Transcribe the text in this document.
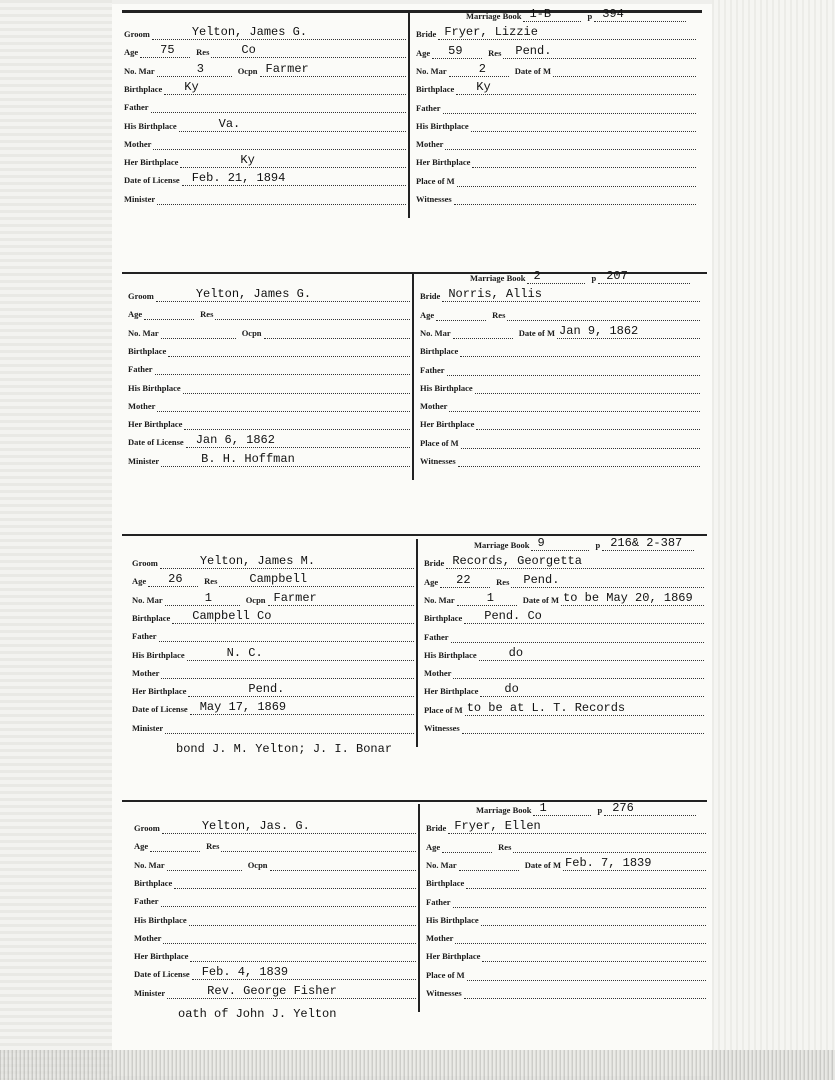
Groom	Yelton, James G.
Age 75	Res	Co
No. Mar	3	Ocpn Farmer
Birthplace Ky
Father
His Birthplace	Va.
Mother
Her Birthplace	Ky
Date of License Feb. 21, 1894
Minister
Marriage Book 1-B	p 394
Bride Fryer, Lizzie
Age 59	Res Pend.
No. Mar	2	Date of M
Birthplace Ky
Father
His Birthplace
Mother
Her Birthplace
Place of M
Witnesses
Groom	Yelton, James G.
Age	Res
No. Mar	Ocpn
Birthplace
Father
His Birthplace
Mother
Her Birthplace
Date of License Jan 6, 1862
Minister	B. H. Hoffman
Marriage Book 2	p 207
Bride Norris, Allis
Age	Res
No. Mar	Date of M Jan 9, 1862
Birthplace
Father
His Birthplace
Mother
Her Birthplace
Place of M
Witnesses
Groom	Yelton, James M.
Age 26	Res	Campbell
No. Mar	1	Ocpn Farmer
Birthplace Campbell Co
Father
His Birthplace	N. C.
Mother
Her Birthplace	Pend.
Date of License May 17, 1869
Minister
Marriage Book 9	p 216& 2-387
Bride Records, Georgetta
Age 22	Res Pend.
No. Mar	1	Date of M to be May 20, 1869
Birthplace Pend. Co
Father
His Birthplace	do
Mother
Her Birthplace do
Place of M to be at L. T. Records
Witnesses
bond J. M. Yelton; J. I. Bonar
Groom	Yelton, Jas. G.
Age	Res
No. Mar	Ocpn
Birthplace
Father
His Birthplace
Mother
Her Birthplace
Date of License Feb. 4, 1839
Minister	Rev. George Fisher
Marriage Book 1	p 276
Bride Fryer, Ellen
Age	Res
No. Mar	Date of M Feb. 7, 1839
Birthplace
Father
His Birthplace
Mother
Her Birthplace
Place of M
Witnesses
oath of John J. Yelton
